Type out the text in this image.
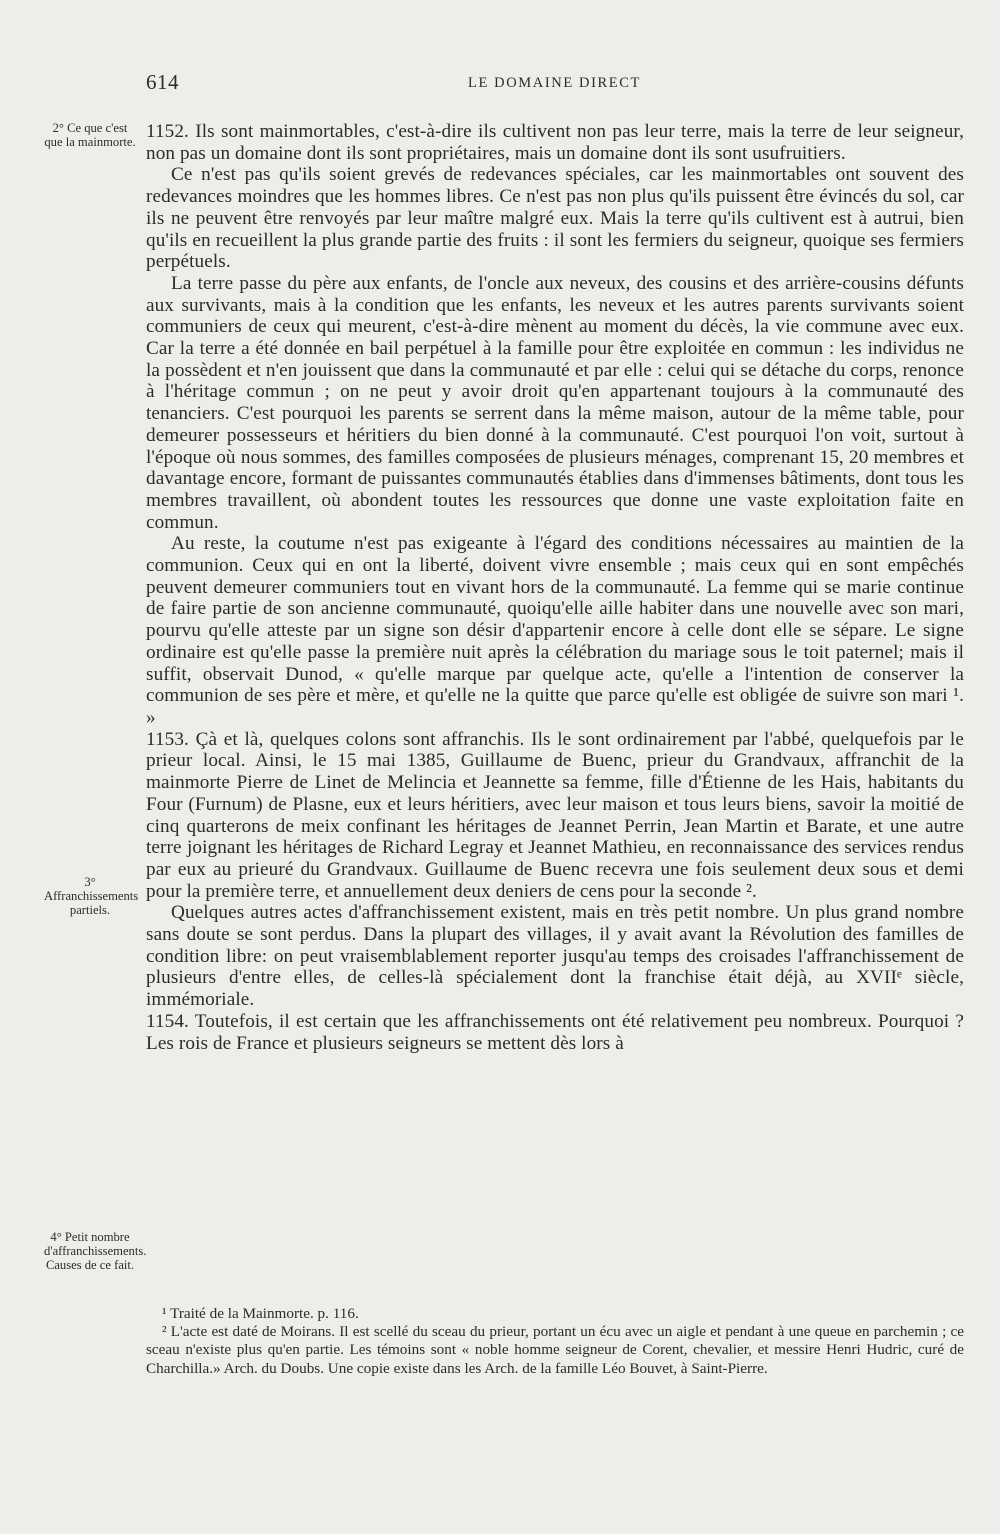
614	LE DOMAINE DIRECT
2° Ce que c'est que la mainmorte.
3° Affranchissements partiels.
4° Petit nombre d'affranchissements. Causes de ce fait.

1152. Ils sont mainmortables, c'est-à-dire ils cultivent non pas leur terre, mais la terre de leur seigneur, non pas un domaine dont ils sont propriétaires, mais un domaine dont ils sont usufruitiers.

Ce n'est pas qu'ils soient grevés de redevances spéciales, car les mainmortables ont souvent des redevances moindres que les hommes libres. Ce n'est pas non plus qu'ils puissent être évincés du sol, car ils ne peuvent être renvoyés par leur maître malgré eux. Mais la terre qu'ils cultivent est à autrui, bien qu'ils en recueillent la plus grande partie des fruits : il sont les fermiers du seigneur, quoique ses fermiers perpétuels.

La terre passe du père aux enfants, de l'oncle aux neveux, des cousins et des arrière-cousins défunts aux survivants, mais à la condition que les enfants, les neveux et les autres parents survivants soient communiers de ceux qui meurent, c'est-à-dire mènent au moment du décès, la vie commune avec eux. Car la terre a été donnée en bail perpétuel à la famille pour être exploitée en commun : les individus ne la possèdent et n'en jouissent que dans la communauté et par elle : celui qui se détache du corps, renonce à l'héritage commun ; on ne peut y avoir droit qu'en appartenant toujours à la communauté des tenanciers. C'est pourquoi les parents se serrent dans la même maison, autour de la même table, pour demeurer possesseurs et héritiers du bien donné à la communauté. C'est pourquoi l'on voit, surtout à l'époque où nous sommes, des familles composées de plusieurs ménages, comprenant 15, 20 membres et davantage encore, formant de puissantes communautés établies dans d'immenses bâtiments, dont tous les membres travaillent, où abondent toutes les ressources que donne une vaste exploitation faite en commun.

Au reste, la coutume n'est pas exigeante à l'égard des conditions nécessaires au maintien de la communion. Ceux qui en ont la liberté, doivent vivre ensemble ; mais ceux qui en sont empêchés peuvent demeurer communiers tout en vivant hors de la communauté. La femme qui se marie continue de faire partie de son ancienne communauté, quoiqu'elle aille habiter dans une nouvelle avec son mari, pourvu qu'elle atteste par un signe son désir d'appartenir encore à celle dont elle se sépare. Le signe ordinaire est qu'elle passe la première nuit après la célébration du mariage sous le toit paternel; mais il suffit, observait Dunod, « qu'elle marque par quelque acte, qu'elle a l'intention de conserver la communion de ses père et mère, et qu'elle ne la quitte que parce qu'elle est obligée de suivre son mari ¹. »

1153. Çà et là, quelques colons sont affranchis. Ils le sont ordinairement par l'abbé, quelquefois par le prieur local. Ainsi, le 15 mai 1385, Guillaume de Buenc, prieur du Grandvaux, affranchit de la mainmorte Pierre de Linet de Melincia et Jeannette sa femme, fille d'Étienne de les Hais, habitants du Four (Furnum) de Plasne, eux et leurs héritiers, avec leur maison et tous leurs biens, savoir la moitié de cinq quarterons de meix confinant les héritages de Jeannet Perrin, Jean Martin et Barate, et une autre terre joignant les héritages de Richard Legray et Jeannet Mathieu, en reconnaissance des services rendus par eux au prieuré du Grandvaux. Guillaume de Buenc recevra une fois seulement deux sous et demi pour la première terre, et annuellement deux deniers de cens pour la seconde ².

Quelques autres actes d'affranchissement existent, mais en très petit nombre. Un plus grand nombre sans doute se sont perdus. Dans la plupart des villages, il y avait avant la Révolution des familles de condition libre: on peut vraisemblablement reporter jusqu'au temps des croisades l'affranchissement de plusieurs d'entre elles, de celles-là spécialement dont la franchise était déjà, au XVIIᵉ siècle, immémoriale.

1154. Toutefois, il est certain que les affranchissements ont été relativement peu nombreux. Pourquoi ? Les rois de France et plusieurs seigneurs se mettent dès lors à

¹ Traité de la Mainmorte. p. 116.

² L'acte est daté de Moirans. Il est scellé du sceau du prieur, portant un écu avec un aigle et pendant à une queue en parchemin ; ce sceau n'existe plus qu'en partie. Les témoins sont « noble homme seigneur de Corent, chevalier, et messire Henri Hudric, curé de Charchilla.» Arch. du Doubs. Une copie existe dans les Arch. de la famille Léo Bouvet, à Saint-Pierre.
